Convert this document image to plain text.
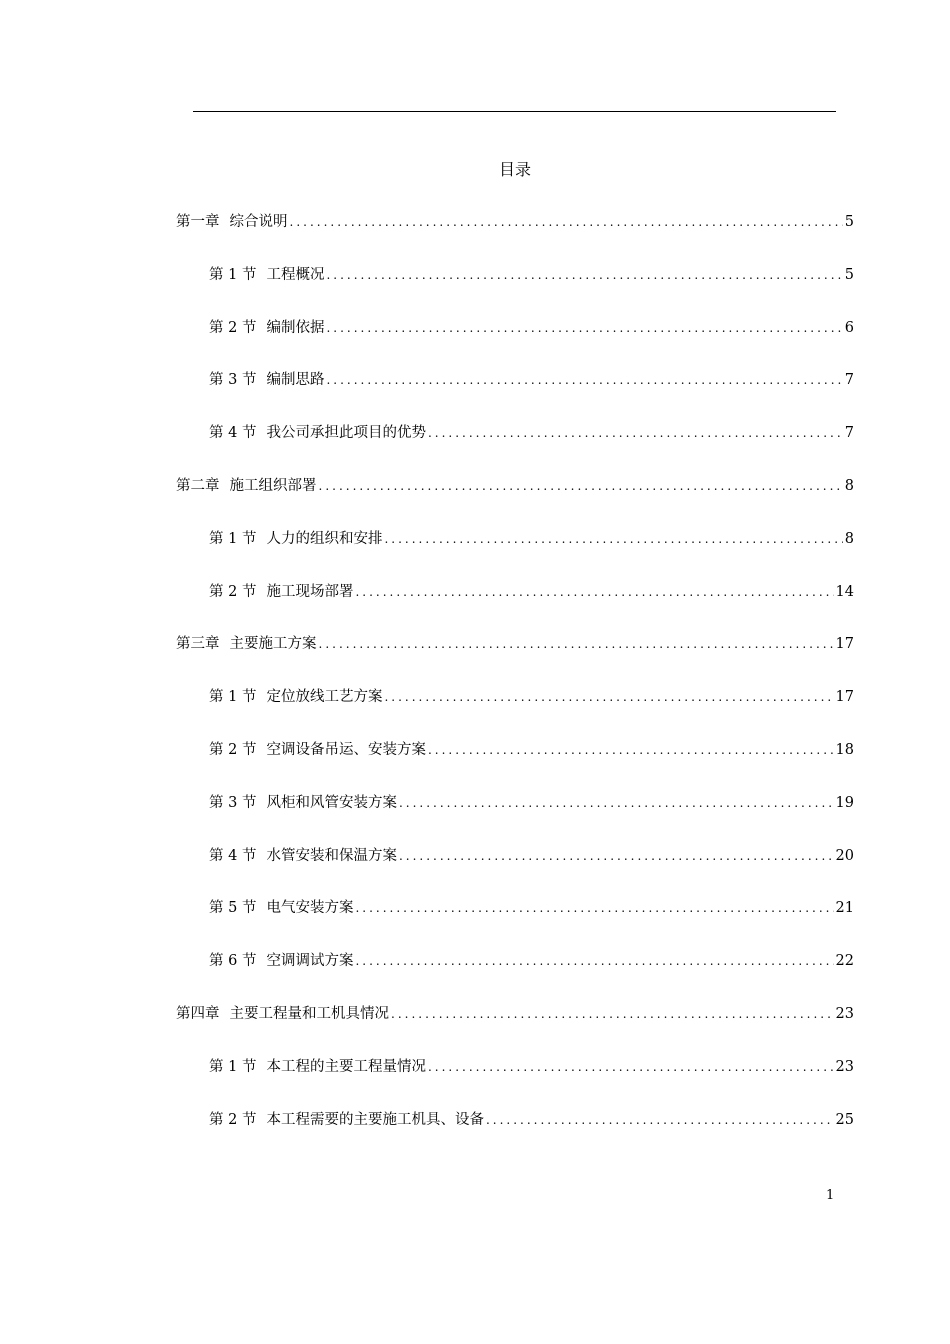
目录
第一章 综合说明 .....	5
第 1 节 工程概况 .....	5
第 2 节 编制依据 .....	6
第 3 节 编制思路 .....	7
第 4 节 我公司承担此项目的优势 .....	7
第二章 施工组织部署 .....	8
第 1 节 人力的组织和安排 .....	8
第 2 节 施工现场部署 .....	14
第三章 主要施工方案 .....	17
第 1 节 定位放线工艺方案 .....	17
第 2 节 空调设备吊运、安装方案 .....	18
第 3 节 风柜和风管安装方案 .....	19
第 4 节 水管安装和保温方案 .....	20
第 5 节 电气安装方案 .....	21
第 6 节 空调调试方案 .....	22
第四章 主要工程量和工机具情况 .....	23
第 1 节 本工程的主要工程量情况 .....	23
第 2 节 本工程需要的主要施工机具、设备 .....	25
1
